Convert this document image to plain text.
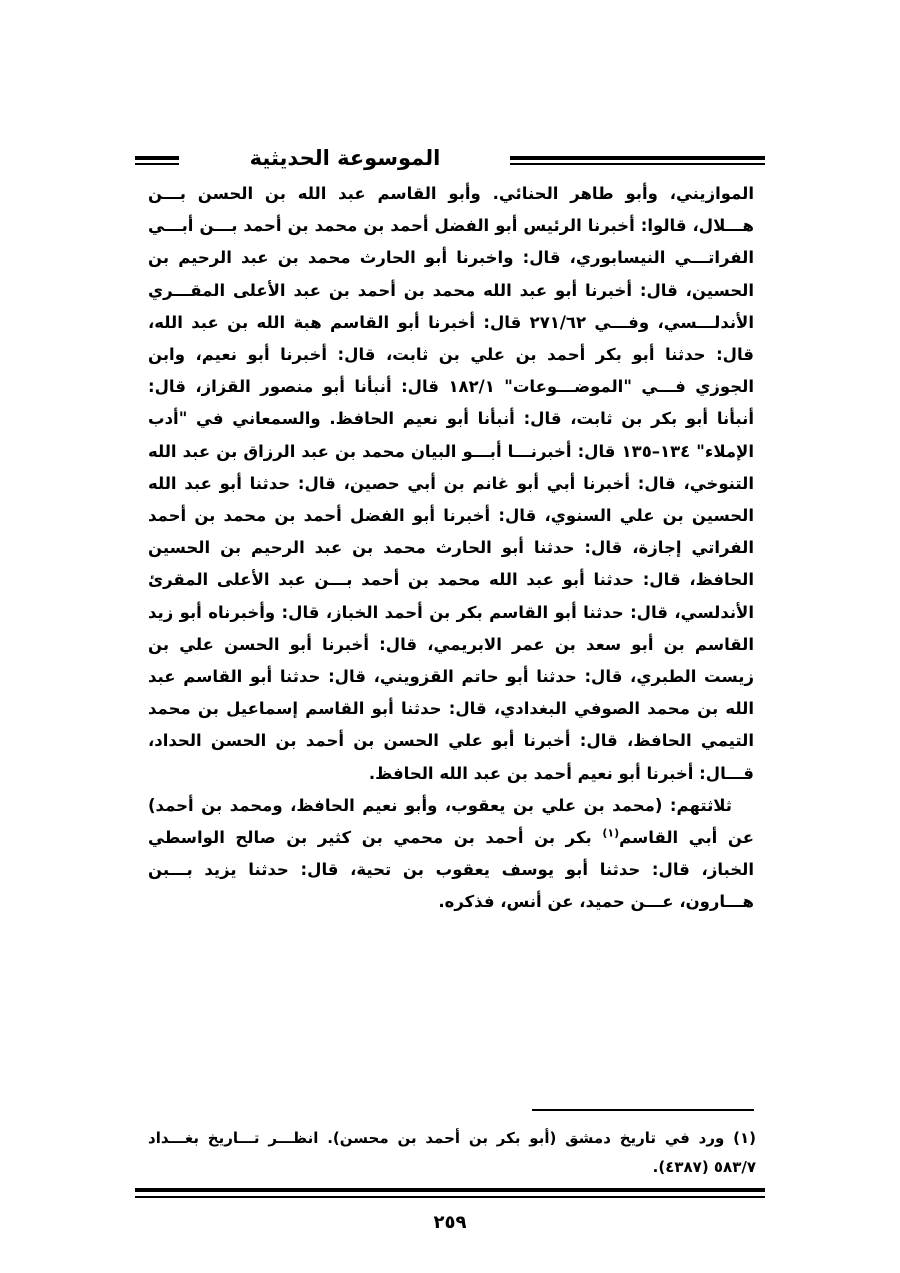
الموسوعة الحديثية

الموازيني، وأبو طاهر الحنائي. وأبو القاسم عبد الله بن الحسن بـــن هـــلال، قالوا: أخبرنا الرئيس أبو الفضل أحمد بن محمد بن أحمد بـــن أبـــي الفراتـــي النيسابوري، قال: واخبرنا أبو الحارث محمد بن عبد الرحيم بن الحسين، قال: أخبرنا أبو عبد الله محمد بن أحمد بن عبد الأعلى المقـــري الأندلـــسي، وفـــي ٢٧١/٦٢ قال: أخبرنا أبو القاسم هبة الله بن عبد الله، قال: حدثنا أبو بكر أحمد بن علي بن ثابت، قال: أخبرنا أبو نعيم، وابن الجوزي فـــي "الموضـــوعات" ١٨٢/١ قال: أنبأنا أبو منصور القزاز، قال: أنبأنا أبو بكر بن ثابت، قال: أنبأنا أبو نعيم الحافظ. والسمعاني في "أدب الإملاء" ١٣٤–١٣٥ قال: أخبرنـــا أبـــو البيان محمد بن عبد الرزاق بن عبد الله التنوخي، قال: أخبرنا أبي أبو غانم بن أبي حصين، قال: حدثنا أبو عبد الله الحسين بن علي السنوي، قال: أخبرنا أبو الفضل أحمد بن محمد بن أحمد الفراتي إجازة، قال: حدثنا أبو الحارث محمد بن عبد الرحيم بن الحسين الحافظ، قال: حدثنا أبو عبد الله محمد بن أحمد بـــن عبد الأعلى المقرئ الأندلسي، قال: حدثنا أبو القاسم بكر بن أحمد الخباز، قال: وأخبرناه أبو زيد القاسم بن أبو سعد بن عمر الابريمي، قال: أخبرنا أبو الحسن علي بن زيست الطبري، قال: حدثنا أبو حاتم القزويني، قال: حدثنا أبو القاسم عبد الله بن محمد الصوفي البغدادي، قال: حدثنا أبو القاسم إسماعيل بن محمد التيمي الحافظ، قال: أخبرنا أبو علي الحسن بن أحمد بن الحسن الحداد، قـــال: أخبرنا أبو نعيم أحمد بن عبد الله الحافظ.

ثلاثتهم: (محمد بن علي بن يعقوب، وأبو نعيم الحافظ، ومحمد بن أحمد) عن أبي القاسم$^{(١)}$ بكر بن أحمد بن محمي بن كثير بن صالح الواسطي الخباز، قال: حدثنا أبو يوسف يعقوب بن تحية، قال: حدثنا يزيد بـــبن هـــارون، عـــن حميد، عن أنس، فذكره.

(١) ورد في تاريخ دمشق (أبو بكر بن أحمد بن محسن). انظـــر تـــاريخ بغـــداد ٥٨٣/٧ (٤٣٨٧).

٢٥٩
